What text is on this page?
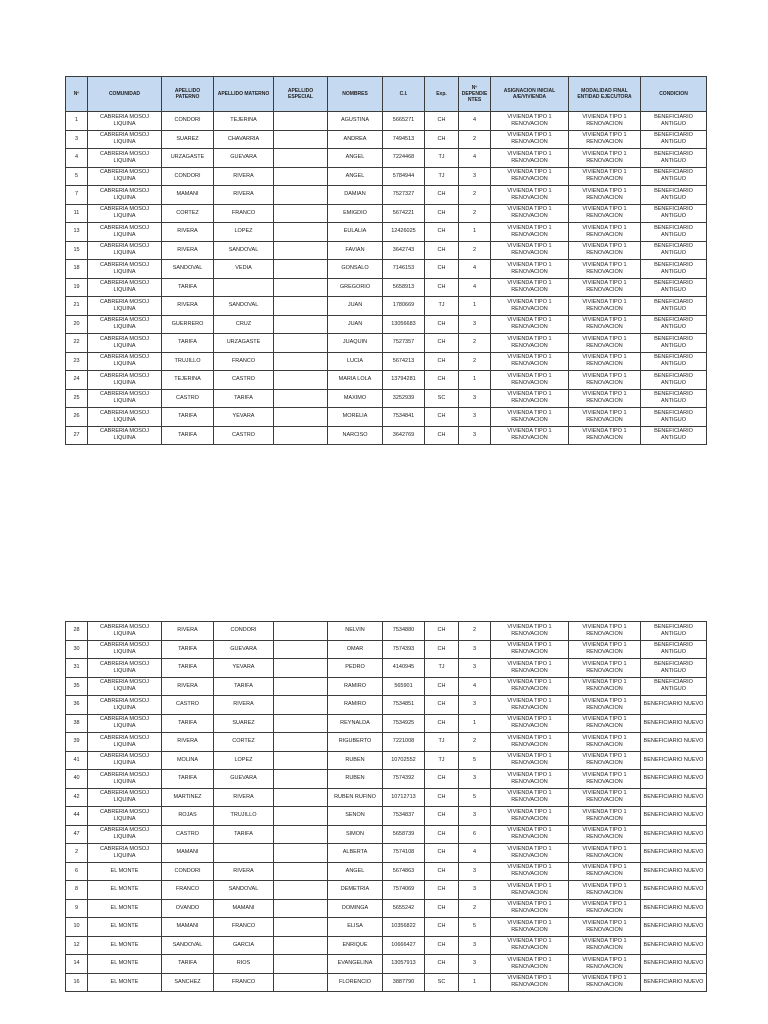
Nº	COMUNIDAD	APELLIDO PATERNO	APELLIDO MATERNO	APELLIDO ESPECIAL	NOMBRES	C.I.	Exp.	Nº DEPENDIE NTES	ASIGNACION INICIAL A/E/VIVIENDA	MODALIDAD FINAL ENTIDAD EJECUTORA	CONDICION
1	CABRERIA MOSOJ LIQUINA	CONDORI	TEJERINA		AGUSTINA	5665271	CH	4	VIVIENDA TIPO 1 RENOVACION	VIVIENDA TIPO 1 RENOVACION	BENEFICIARIO ANTIGUO
3	CABRERIA MOSOJ LIQUINA	SUAREZ	CHAVARRIA		ANDREA	7494513	CH	2	VIVIENDA TIPO 1 RENOVACION	VIVIENDA TIPO 1 RENOVACION	BENEFICIARIO ANTIGUO
4	CABRERIA MOSOJ LIQUINA	URZAGASTE	GUEVARA		ANGEL	7224468	TJ	4	VIVIENDA TIPO 1 RENOVACION	VIVIENDA TIPO 1 RENOVACION	BENEFICIARIO ANTIGUO
5	CABRERIA MOSOJ LIQUINA	CONDORI	RIVERA		ANGEL	5784944	TJ	3	VIVIENDA TIPO 1 RENOVACION	VIVIENDA TIPO 1 RENOVACION	BENEFICIARIO ANTIGUO
7	CABRERIA MOSOJ LIQUINA	MAMANI	RIVERA		DAMIAN	7527327	CH	2	VIVIENDA TIPO 1 RENOVACION	VIVIENDA TIPO 1 RENOVACION	BENEFICIARIO ANTIGUO
11	CABRERIA MOSOJ LIQUINA	CORTEZ	FRANCO		EMIGDIO	5674221	CH	2	VIVIENDA TIPO 1 RENOVACION	VIVIENDA TIPO 1 RENOVACION	BENEFICIARIO ANTIGUO
13	CABRERIA MOSOJ LIQUINA	RIVERA	LOPEZ		EULALIA	12426025	CH	1	VIVIENDA TIPO 1 RENOVACION	VIVIENDA TIPO 1 RENOVACION	BENEFICIARIO ANTIGUO
15	CABRERIA MOSOJ LIQUINA	RIVERA	SANDOVAL		FAVIAN	3642743	CH	2	VIVIENDA TIPO 1 RENOVACION	VIVIENDA TIPO 1 RENOVACION	BENEFICIARIO ANTIGUO
18	CABRERIA MOSOJ LIQUINA	SANDOVAL	VEDIA		GONSALO	7146153	CH	4	VIVIENDA TIPO 1 RENOVACION	VIVIENDA TIPO 1 RENOVACION	BENEFICIARIO ANTIGUO
19	CABRERIA MOSOJ LIQUINA	TARIFA			GREGORIO	5658913	CH	4	VIVIENDA TIPO 1 RENOVACION	VIVIENDA TIPO 1 RENOVACION	BENEFICIARIO ANTIGUO
21	CABRERIA MOSOJ LIQUINA	RIVERA	SANDOVAL		JUAN	1780669	TJ	1	VIVIENDA TIPO 1 RENOVACION	VIVIENDA TIPO 1 RENOVACION	BENEFICIARIO ANTIGUO
20	CABRERIA MOSOJ LIQUINA	GUERRERO	CRUZ		JUAN	13056683	CH	3	VIVIENDA TIPO 1 RENOVACION	VIVIENDA TIPO 1 RENOVACION	BENEFICIARIO ANTIGUO
22	CABRERIA MOSOJ LIQUINA	TARIFA	URZAGASTE		JUAQUIN	7527357	CH	2	VIVIENDA TIPO 1 RENOVACION	VIVIENDA TIPO 1 RENOVACION	BENEFICIARIO ANTIGUO
23	CABRERIA MOSOJ LIQUINA	TRUJILLO	FRANCO		LUCIA	5674213	CH	2	VIVIENDA TIPO 1 RENOVACION	VIVIENDA TIPO 1 RENOVACION	BENEFICIARIO ANTIGUO
24	CABRERIA MOSOJ LIQUINA	TEJERINA	CASTRO		MARIA LOLA	13794281	CH	1	VIVIENDA TIPO 1 RENOVACION	VIVIENDA TIPO 1 RENOVACION	BENEFICIARIO ANTIGUO
25	CABRERIA MOSOJ LIQUINA	CASTRO	TARIFA		MAXIMO	3252939	SC	3	VIVIENDA TIPO 1 RENOVACION	VIVIENDA TIPO 1 RENOVACION	BENEFICIARIO ANTIGUO
26	CABRERIA MOSOJ LIQUINA	TARIFA	YEVARA		MORELIA	7534841	CH	3	VIVIENDA TIPO 1 RENOVACION	VIVIENDA TIPO 1 RENOVACION	BENEFICIARIO ANTIGUO
27	CABRERIA MOSOJ LIQUINA	TARIFA	CASTRO		NARCISO	3642769	CH	3	VIVIENDA TIPO 1 RENOVACION	VIVIENDA TIPO 1 RENOVACION	BENEFICIARIO ANTIGUO
28	CABRERIA MOSOJ LIQUINA	RIVERA	CONDORI		NELVIN	7534880	CH	2	VIVIENDA TIPO 1 RENOVACION	VIVIENDA TIPO 1 RENOVACION	BENEFICIARIO ANTIGUO
30	CABRERIA MOSOJ LIQUINA	TARIFA	GUEVARA		OMAR	7574393	CH	3	VIVIENDA TIPO 1 RENOVACION	VIVIENDA TIPO 1 RENOVACION	BENEFICIARIO ANTIGUO
31	CABRERIA MOSOJ LIQUINA	TARIFA	YEVARA		PEDRO	4140945	TJ	3	VIVIENDA TIPO 1 RENOVACION	VIVIENDA TIPO 1 RENOVACION	BENEFICIARIO ANTIGUO
35	CABRERIA MOSOJ LIQUINA	RIVERA	TARIFA		RAMIRO	565901	CH	4	VIVIENDA TIPO 1 RENOVACION	VIVIENDA TIPO 1 RENOVACION	BENEFICIARIO ANTIGUO
36	CABRERIA MOSOJ LIQUINA	CASTRO	RIVERA		RAMIRO	7534851	CH	3	VIVIENDA TIPO 1 RENOVACION	VIVIENDA TIPO 1 RENOVACION	BENEFICIARIO NUEVO
38	CABRERIA MOSOJ LIQUINA	TARIFA	SUAREZ		REYNALDA	7534925	CH	1	VIVIENDA TIPO 1 RENOVACION	VIVIENDA TIPO 1 RENOVACION	BENEFICIARIO NUEVO
39	CABRERIA MOSOJ LIQUINA	RIVERA	CORTEZ		RIGUBERTO	7221008	TJ	2	VIVIENDA TIPO 1 RENOVACION	VIVIENDA TIPO 1 RENOVACION	BENEFICIARIO NUEVO
41	CABRERIA MOSOJ LIQUINA	MOLINA	LOPEZ		RUBEN	10702552	TJ	5	VIVIENDA TIPO 1 RENOVACION	VIVIENDA TIPO 1 RENOVACION	BENEFICIARIO NUEVO
40	CABRERIA MOSOJ LIQUINA	TARIFA	GUEVARA		RUBEN	7574392	CH	3	VIVIENDA TIPO 1 RENOVACION	VIVIENDA TIPO 1 RENOVACION	BENEFICIARIO NUEVO
42	CABRERIA MOSOJ LIQUINA	MARTINEZ	RIVERA		RUBEN RUFINO	10712713	CH	5	VIVIENDA TIPO 1 RENOVACION	VIVIENDA TIPO 1 RENOVACION	BENEFICIARIO NUEVO
44	CABRERIA MOSOJ LIQUINA	ROJAS	TRUJILLO		SENON	7534837	CH	3	VIVIENDA TIPO 1 RENOVACION	VIVIENDA TIPO 1 RENOVACION	BENEFICIARIO NUEVO
47	CABRERIA MOSOJ LIQUINA	CASTRO	TARIFA		SIMON	5658739	CH	6	VIVIENDA TIPO 1 RENOVACION	VIVIENDA TIPO 1 RENOVACION	BENEFICIARIO NUEVO
2	CABRERIA MOSOJ LIQUINA	MAMANI			ALBERTA	7574108	CH	4	VIVIENDA TIPO 1 RENOVACION	VIVIENDA TIPO 1 RENOVACION	BENEFICIARIO NUEVO
6	EL MONTE	CONDORI	RIVERA		ANGEL	5674863	CH	3	VIVIENDA TIPO 1 RENOVACION	VIVIENDA TIPO 1 RENOVACION	BENEFICIARIO NUEVO
8	EL MONTE	FRANCO	SANDOVAL		DEMETRIA	7574069	CH	3	VIVIENDA TIPO 1 RENOVACION	VIVIENDA TIPO 1 RENOVACION	BENEFICIARIO NUEVO
9	EL MONTE	OVANDO	MAMANI		DOMINGA	5655242	CH	2	VIVIENDA TIPO 1 RENOVACION	VIVIENDA TIPO 1 RENOVACION	BENEFICIARIO NUEVO
10	EL MONTE	MAMANI	FRANCO		ELISA	10356822	CH	5	VIVIENDA TIPO 1 RENOVACION	VIVIENDA TIPO 1 RENOVACION	BENEFICIARIO NUEVO
12	EL MONTE	SANDOVAL	GARCIA		ENRIQUE	10666427	CH	3	VIVIENDA TIPO 1 RENOVACION	VIVIENDA TIPO 1 RENOVACION	BENEFICIARIO NUEVO
14	EL MONTE	TARIFA	RIOS		EVANGELINA	13057913	CH	3	VIVIENDA TIPO 1 RENOVACION	VIVIENDA TIPO 1 RENOVACION	BENEFICIARIO NUEVO
16	EL MONTE	SANCHEZ	FRANCO		FLORENCIO	3887790	SC	1	VIVIENDA TIPO 1 RENOVACION	VIVIENDA TIPO 1 RENOVACION	BENEFICIARIO NUEVO
